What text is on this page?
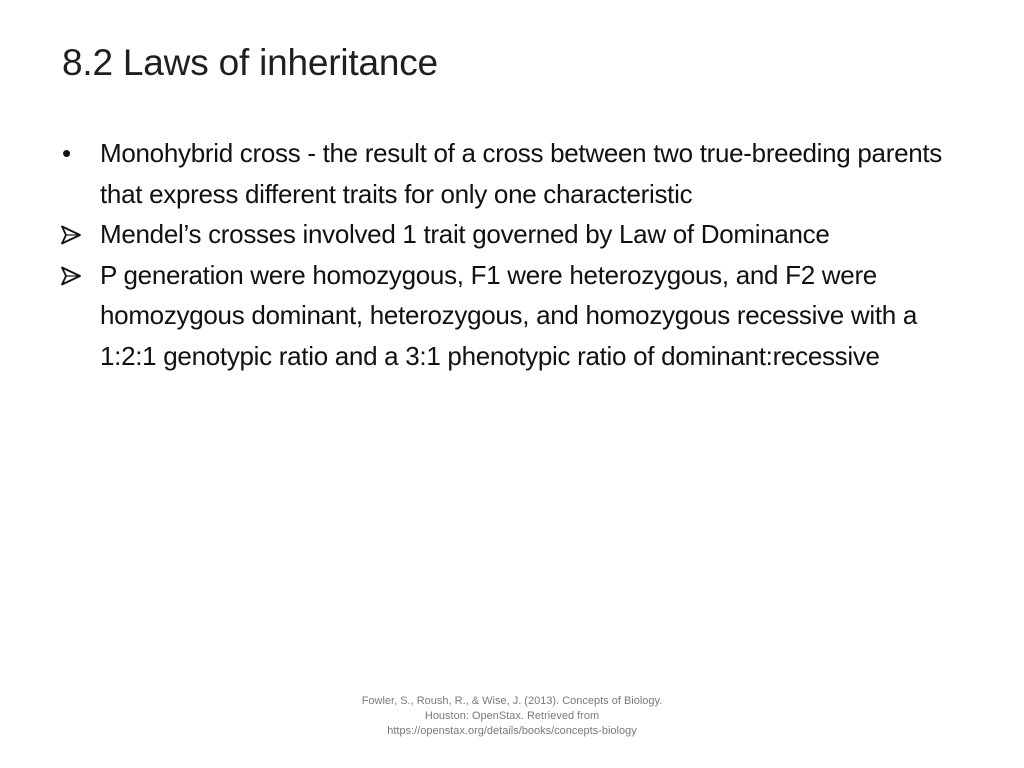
8.2 Laws of inheritance
•	Monohybrid cross - the result of a cross between two true-breeding parents that express different traits for only one characteristic
Mendel’s crosses involved 1 trait governed by Law of Dominance
P generation were homozygous, F1 were heterozygous, and F2 were homozygous dominant, heterozygous, and homozygous recessive with a 1:2:1 genotypic ratio and a 3:1 phenotypic ratio of dominant:recessive
Fowler, S., Roush, R., & Wise, J. (2013). Concepts of Biology.
Houston: OpenStax. Retrieved from
https://openstax.org/details/books/concepts-biology
